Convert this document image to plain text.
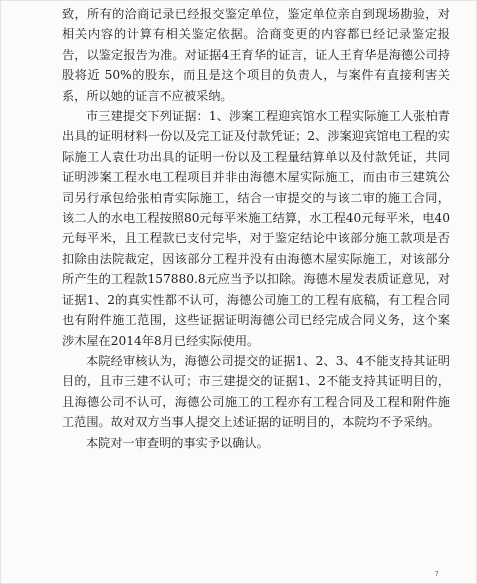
致，所有的洽商记录已经报交鉴定单位，鉴定单位亲自到现场勘验，对相关内容的计算有相关鉴定依据。洽商变更的内容都已经记录鉴定报告，以鉴定报告为准。对证据4王育华的证言，证人王育华是海德公司持股将近 50%的股东，而且是这个项目的负责人，与案件有直接利害关系，所以她的证言不应被采纳。

市三建提交下列证据：1、涉案工程迎宾馆水工程实际施工人张柏青出具的证明材料一份以及完工证及付款凭证；2、涉案迎宾馆电工程的实际施工人袁仕功出具的证明一份以及工程量结算单以及付款凭证，共同证明涉案工程水电工程项目并非由海德木屋实际施工，而由市三建筑公司另行承包给张柏青实际施工，结合一审提交的与该二审的施工合同，该二人的水电工程按照80元每平米施工结算，水工程40元每平米，电40元每平米，且工程款已支付完毕，对于鉴定结论中该部分施工款项是否扣除由法院裁定，因该部分工程并没有由海德木屋实际施工，对该部分所产生的工程款157880.8元应当予以扣除。海德木屋发表质证意见，对证据1、2的真实性都不认可，海德公司施工的工程有底稿，有工程合同也有附件施工范围，这些证据证明海德公司已经完成合同义务，这个案涉木屋在2014年8月已经实际使用。

本院经审核认为，海德公司提交的证据1、2、3、4不能支持其证明目的，且市三建不认可；市三建提交的证据1、2不能支持其证明目的，且海德公司不认可，海德公司施工的工程亦有工程合同及工程和附件施工范围。故对双方当事人提交上述证据的证明目的，本院均不予采纳。

本院对一审查明的事实予以确认。

7
